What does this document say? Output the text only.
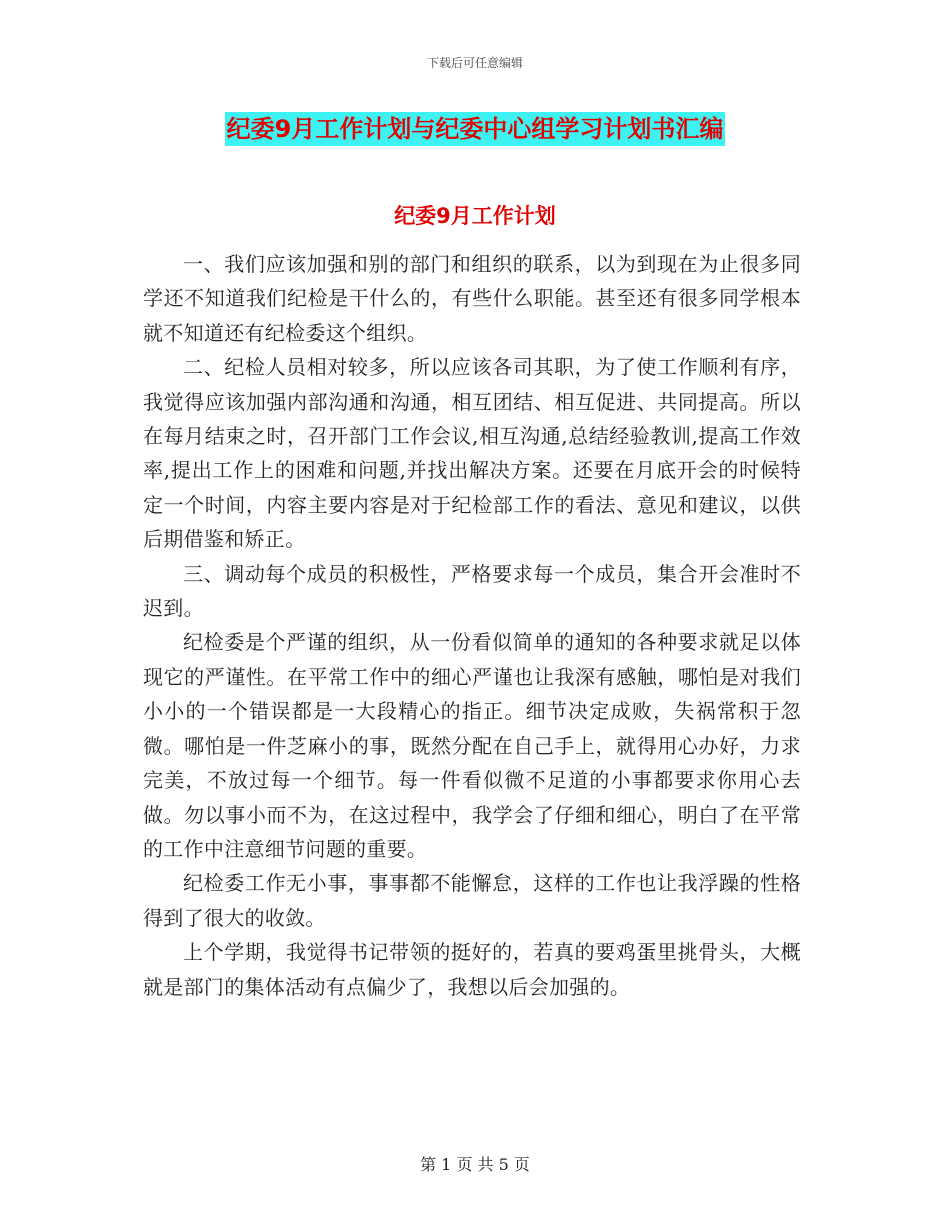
下载后可任意编辑
纪委9月工作计划与纪委中心组学习计划书汇编
纪委9月工作计划

一、我们应该加强和别的部门和组织的联系，以为到现在为止很多同学还不知道我们纪检是干什么的，有些什么职能。甚至还有很多同学根本就不知道还有纪检委这个组织。

二、纪检人员相对较多，所以应该各司其职，为了使工作顺利有序，我觉得应该加强内部沟通和沟通，相互团结、相互促进、共同提高。所以在每月结束之时，召开部门工作会议,相互沟通,总结经验教训,提高工作效率,提出工作上的困难和问题,并找出解决方案。还要在月底开会的时候特定一个时间，内容主要内容是对于纪检部工作的看法、意见和建议，以供后期借鉴和矫正。

三、调动每个成员的积极性，严格要求每一个成员，集合开会准时不迟到。

纪检委是个严谨的组织，从一份看似简单的通知的各种要求就足以体现它的严谨性。在平常工作中的细心严谨也让我深有感触，哪怕是对我们小小的一个错误都是一大段精心的指正。细节决定成败，失祸常积于忽微。哪怕是一件芝麻小的事，既然分配在自己手上，就得用心办好，力求完美，不放过每一个细节。每一件看似微不足道的小事都要求你用心去做。勿以事小而不为，在这过程中，我学会了仔细和细心，明白了在平常的工作中注意细节问题的重要。

纪检委工作无小事，事事都不能懈怠，这样的工作也让我浮躁的性格得到了很大的收敛。

上个学期，我觉得书记带领的挺好的，若真的要鸡蛋里挑骨头，大概就是部门的集体活动有点偏少了，我想以后会加强的。

第 1 页 共 5 页
